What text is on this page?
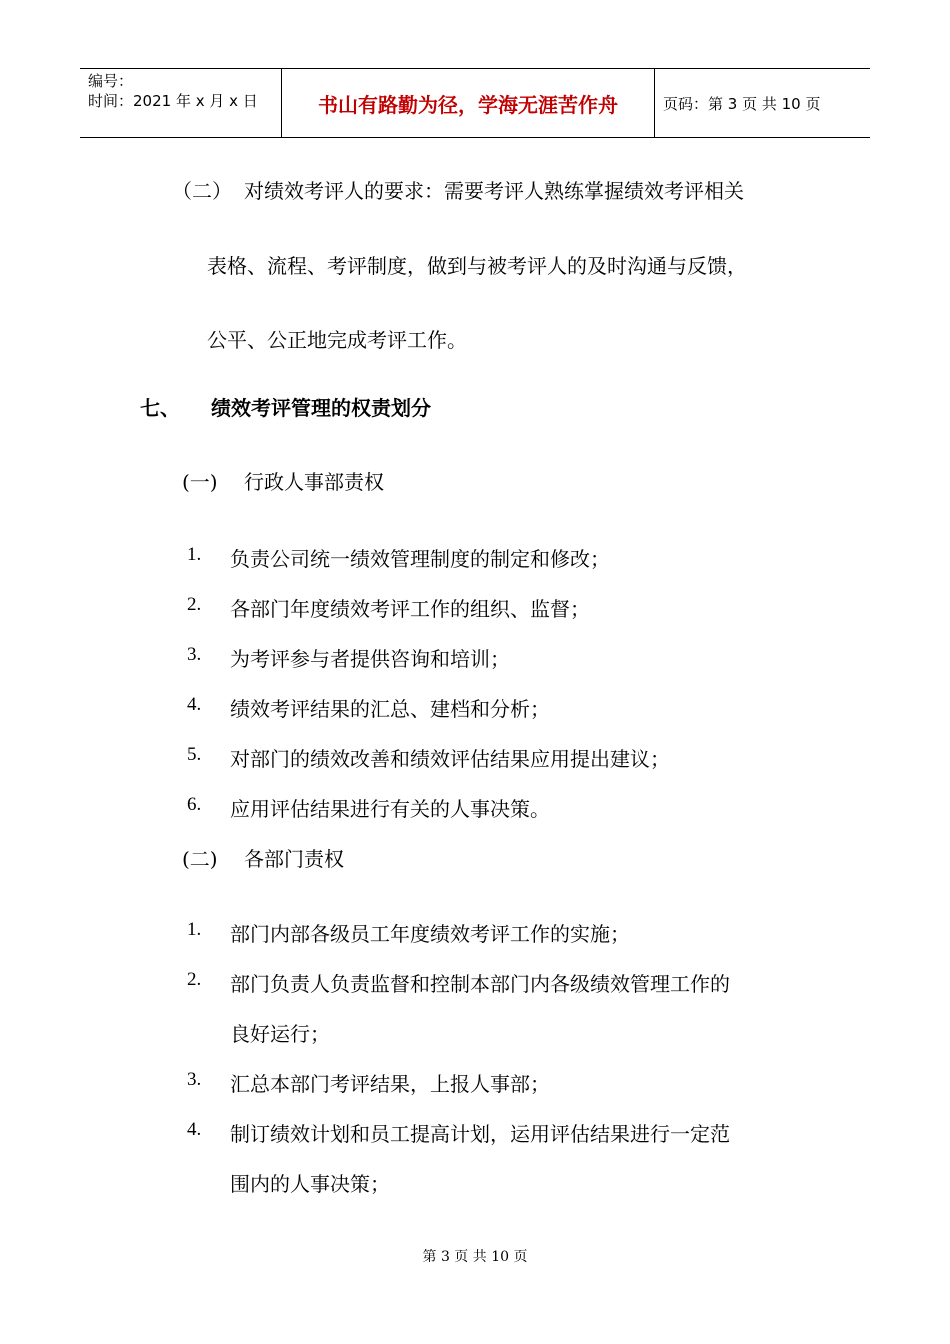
编号：
时间：2021 年 x 月 x 日	书山有路勤为径，学海无涯苦作舟	页码：第 3 页 共 10 页
（二） 对绩效考评人的要求：需要考评人熟练掌握绩效考评相关
表格、流程、考评制度，做到与被考评人的及时沟通与反馈，
公平、公正地完成考评工作。
七、 绩效考评管理的权责划分
(一) 行政人事部责权
1. 负责公司统一绩效管理制度的制定和修改；
2. 各部门年度绩效考评工作的组织、监督；
3. 为考评参与者提供咨询和培训；
4. 绩效考评结果的汇总、建档和分析；
5. 对部门的绩效改善和绩效评估结果应用提出建议；
6. 应用评估结果进行有关的人事决策。
(二) 各部门责权
1. 部门内部各级员工年度绩效考评工作的实施；
2. 部门负责人负责监督和控制本部门内各级绩效管理工作的
良好运行；
3. 汇总本部门考评结果，上报人事部；
4. 制订绩效计划和员工提高计划，运用评估结果进行一定范
围内的人事决策；
第 3 页 共 10 页
